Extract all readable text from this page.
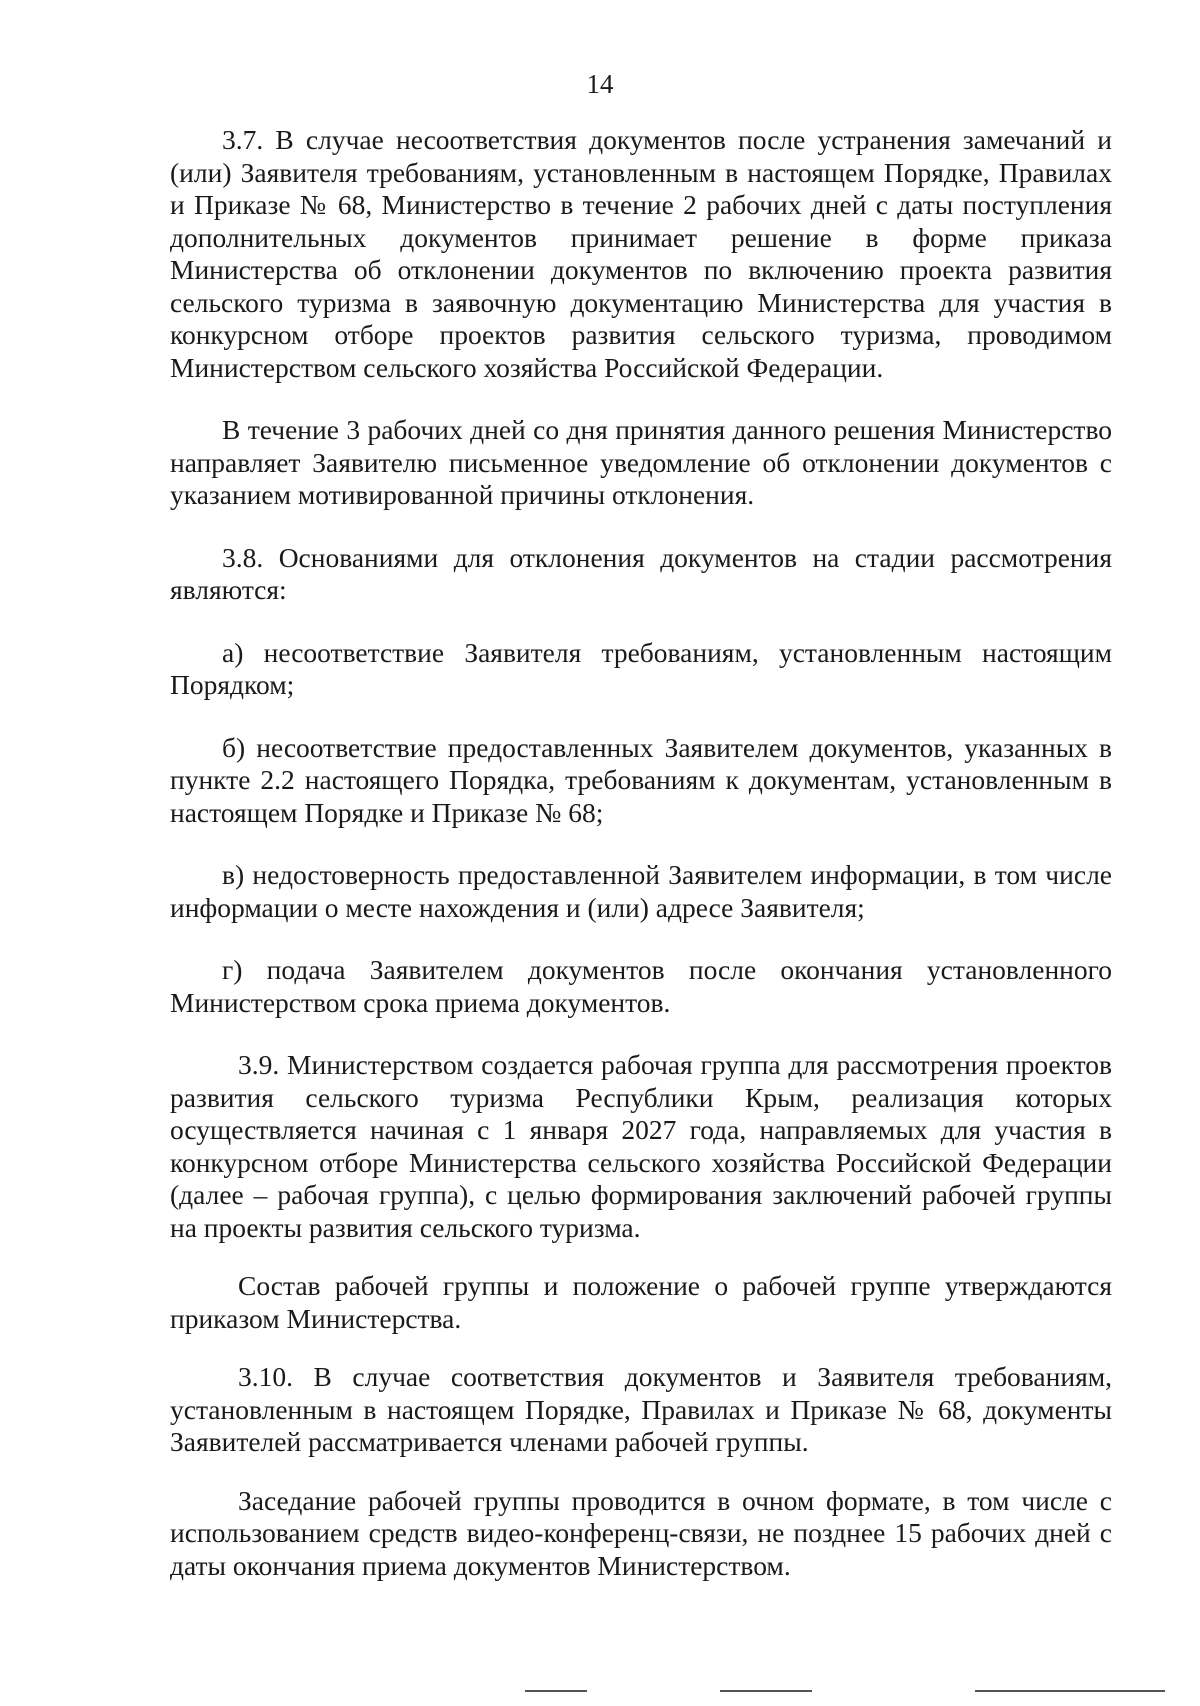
14

3.7. В случае несоответствия документов после устранения замечаний и (или) Заявителя требованиям, установленным в настоящем Порядке, Правилах и Приказе № 68, Министерство в течение 2 рабочих дней с даты поступления дополнительных документов принимает решение в форме приказа Министерства об отклонении документов по включению проекта развития сельского туризма в заявочную документацию Министерства для участия в конкурсном отборе проектов развития сельского туризма, проводимом Министерством сельского хозяйства Российской Федерации.

В течение 3 рабочих дней со дня принятия данного решения Министерство направляет Заявителю письменное уведомление об отклонении документов с указанием мотивированной причины отклонения.

3.8. Основаниями для отклонения документов на стадии рассмотрения являются:

а) несоответствие Заявителя требованиям, установленным настоящим Порядком;

б) несоответствие предоставленных Заявителем документов, указанных в пункте 2.2 настоящего Порядка, требованиям к документам, установленным в настоящем Порядке и Приказе № 68;

в) недостоверность предоставленной Заявителем информации, в том числе информации о месте нахождения и (или) адресе Заявителя;

г) подача Заявителем документов после окончания установленного Министерством срока приема документов.

3.9. Министерством создается рабочая группа для рассмотрения проектов развития сельского туризма Республики Крым, реализация которых осуществляется начиная с 1 января 2027 года, направляемых для участия в конкурсном отборе Министерства сельского хозяйства Российской Федерации (далее – рабочая группа), с целью формирования заключений рабочей группы на проекты развития сельского туризма.

Состав рабочей группы и положение о рабочей группе утверждаются приказом Министерства.

3.10. В случае соответствия документов и Заявителя требованиям, установленным в настоящем Порядке, Правилах и Приказе № 68, документы Заявителей рассматривается членами рабочей группы.

Заседание рабочей группы проводится в очном формате, в том числе с использованием средств видео-конференц-связи, не позднее 15 рабочих дней с даты окончания приема документов Министерством.
